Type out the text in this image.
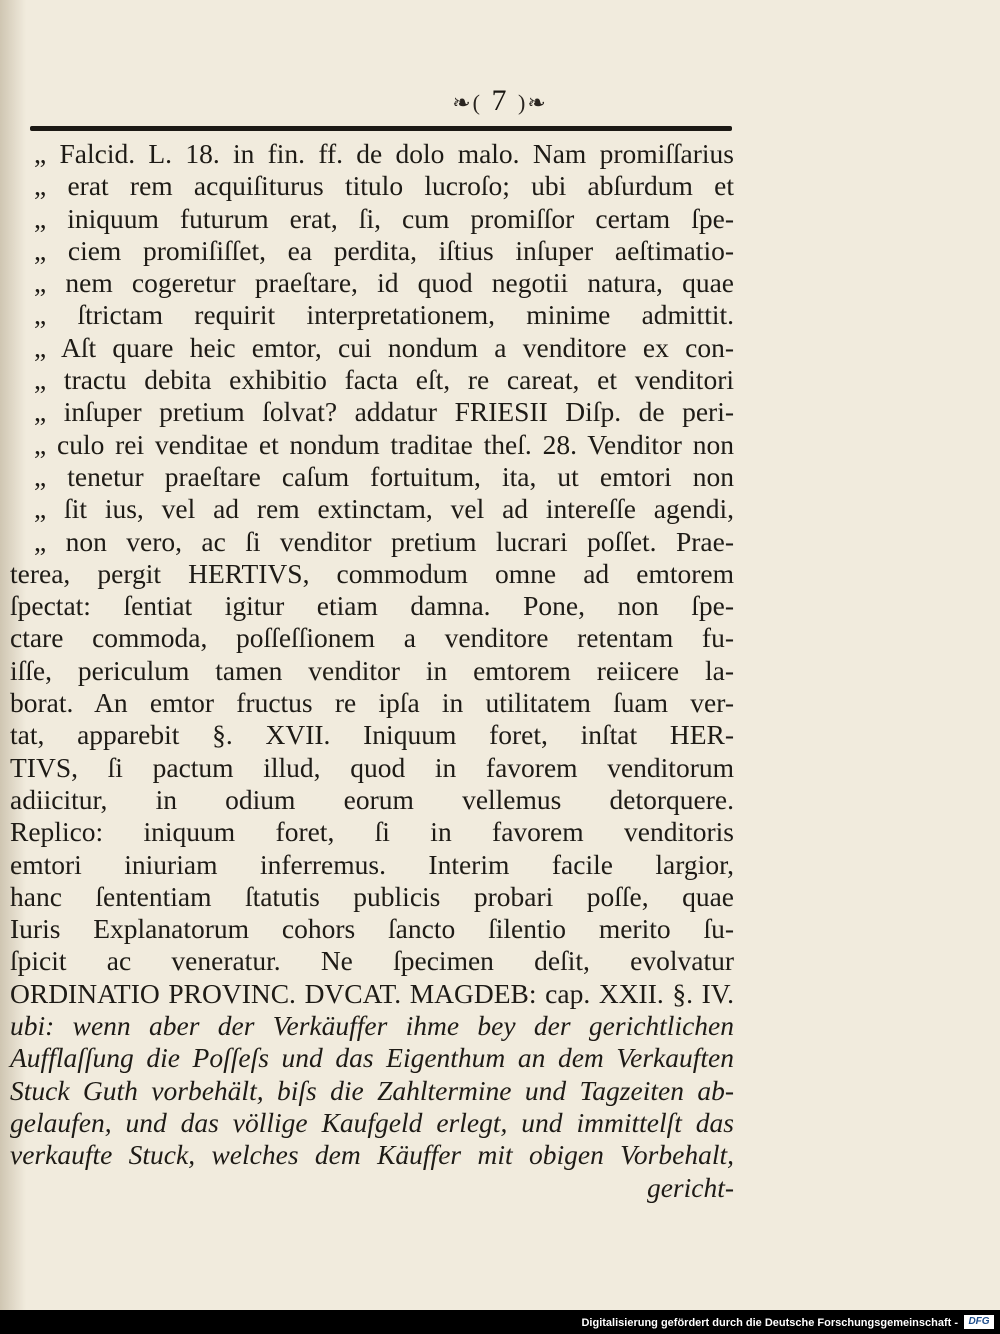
❧( 7 )❧
„ Falcid. L. 18. in fin. ff. de dolo malo. Nam promiſſarius
„ erat rem acquiſiturus titulo lucroſo; ubi abſurdum et
„ iniquum futurum erat, ſi, cum promiſſor certam ſpe-
„ ciem promiſiſſet, ea perdita, iſtius inſuper aeſtimatio-
„ nem cogeretur praeſtare, id quod negotii natura, quae
„ ſtrictam requirit interpretationem, minime admittit.
„ Aſt quare heic emtor, cui nondum a venditore ex con-
„ tractu debita exhibitio facta eſt, re careat, et venditori
„ inſuper pretium ſolvat? addatur FRIESII Diſp. de peri-
„ culo rei venditae et nondum traditae theſ. 28. Venditor non
„ tenetur praeſtare caſum fortuitum, ita, ut emtori non
„ ſit ius, vel ad rem extinctam, vel ad intereſſe agendi,
„ non vero, ac ſi venditor pretium lucrari poſſet. Prae-
terea, pergit HERTIVS, commodum omne ad emtorem
ſpectat: ſentiat igitur etiam damna. Pone, non ſpe-
ctare commoda, poſſeſſionem a venditore retentam fu-
iſſe, periculum tamen venditor in emtorem reiicere la-
borat. An emtor fructus re ipſa in utilitatem ſuam ver-
tat, apparebit §. XVII. Iniquum foret, inſtat HER-
TIVS, ſi pactum illud, quod in favorem venditorum
adiicitur, in odium eorum vellemus detorquere.
Replico: iniquum foret, ſi in favorem venditoris
emtori iniuriam inferremus. Interim facile largior,
hanc ſententiam ſtatutis publicis probari poſſe, quae
Iuris Explanatorum cohors ſancto ſilentio merito ſu-
ſpicit ac veneratur. Ne ſpecimen deſit, evolvatur
ORDINATIO PROVINC. DVCAT. MAGDEB: cap. XXII. §. IV.
ubi: wenn aber der Verkäuffer ihme bey der gerichtlichen
Aufflaſſung die Poſſeſs und das Eigenthum an dem Verkauften
Stuck Guth vorbehält, biſs die Zahltermine und Tagzeiten ab-
gelaufen, und das völlige Kaufgeld erlegt, und immittelſt das
verkaufte Stuck, welches dem Käuffer mit obigen Vorbehalt,
gericht-
Digitalisierung gefördert durch die Deutsche Forschungsgemeinschaft -	DFG
